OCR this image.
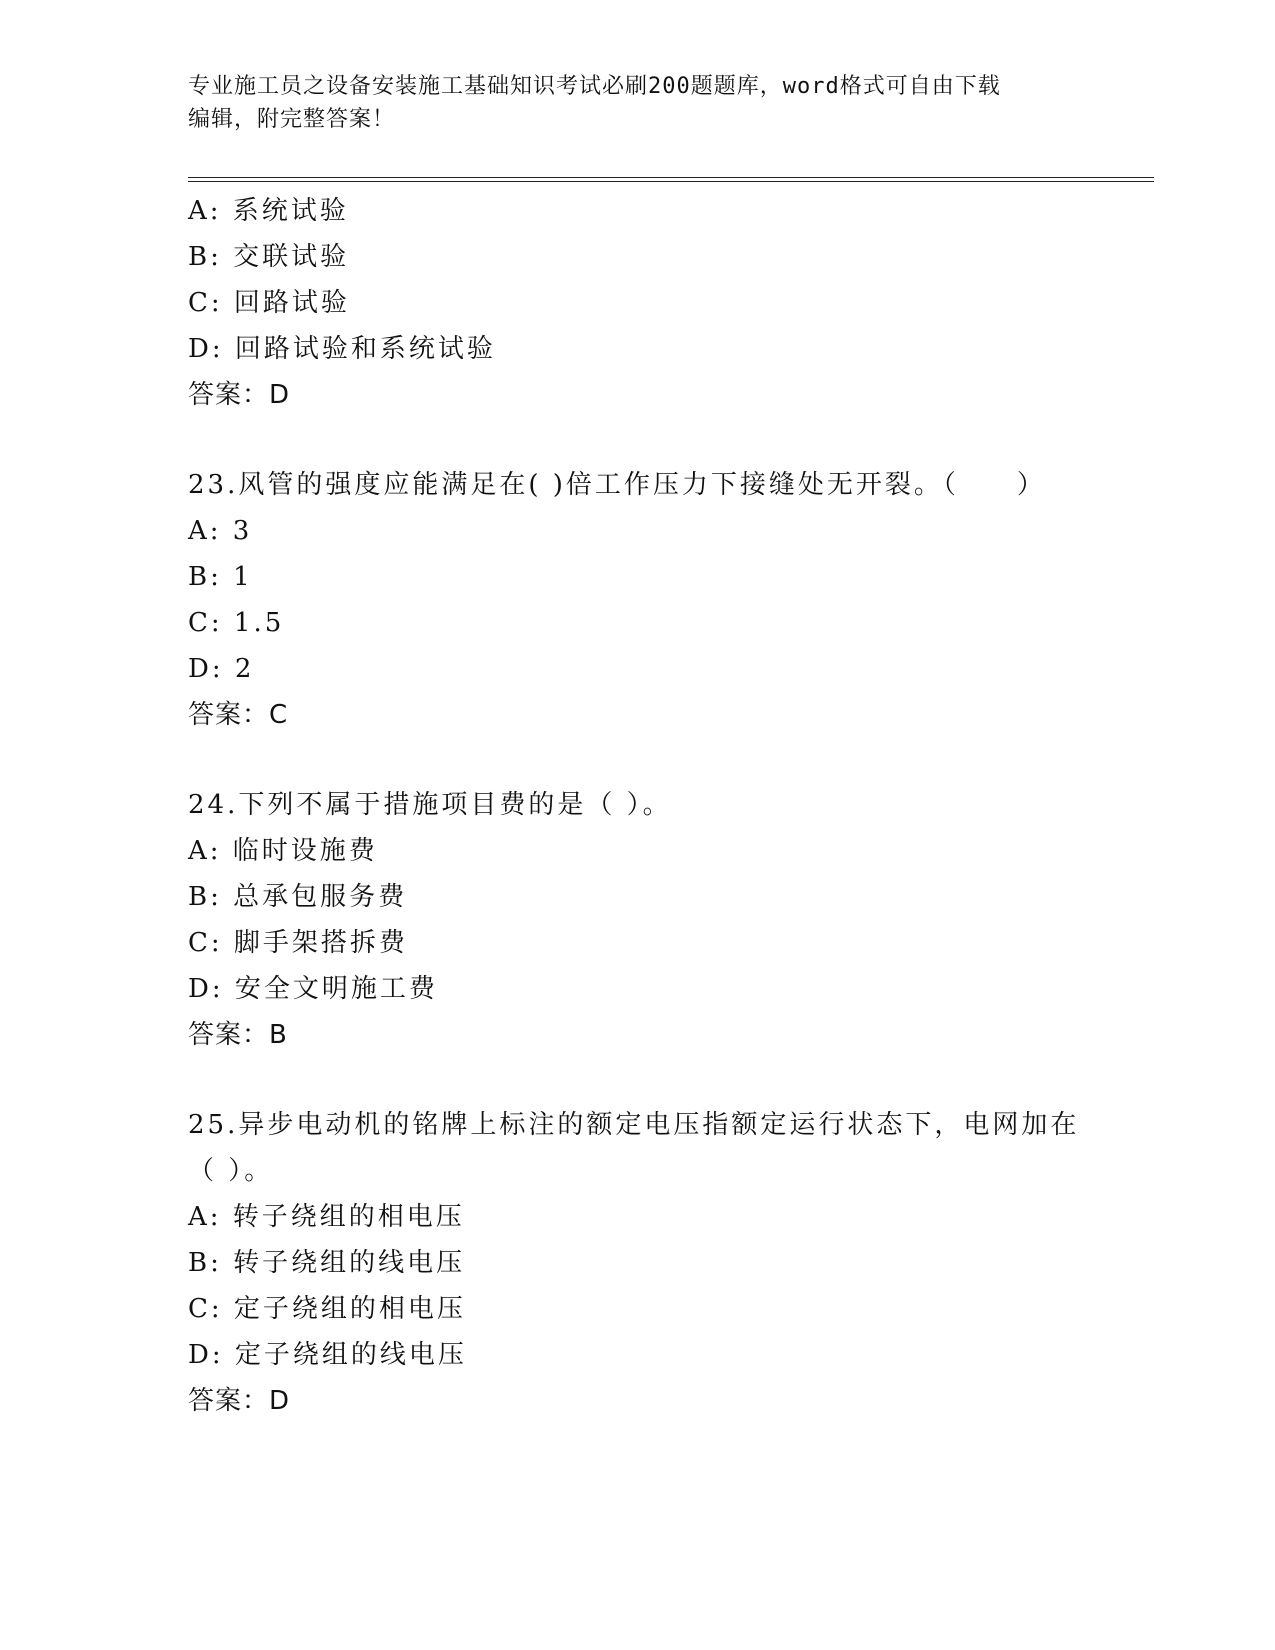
专业施工员之设备安装施工基础知识考试必刷200题题库，word格式可自由下载
编辑，附完整答案！
A: 系统试验
B: 交联试验
C: 回路试验
D: 回路试验和系统试验
答案：D
23.风管的强度应能满足在( )倍工作压力下接缝处无开裂。（　　）
A: 3
B: 1
C: 1.5
D: 2
答案：C
24.下列不属于措施项目费的是（ ）。
A: 临时设施费
B: 总承包服务费
C: 脚手架搭拆费
D: 安全文明施工费
答案：B
25.异步电动机的铭牌上标注的额定电压指额定运行状态下，电网加在（ ）。
A: 转子绕组的相电压
B: 转子绕组的线电压
C: 定子绕组的相电压
D: 定子绕组的线电压
答案：D
